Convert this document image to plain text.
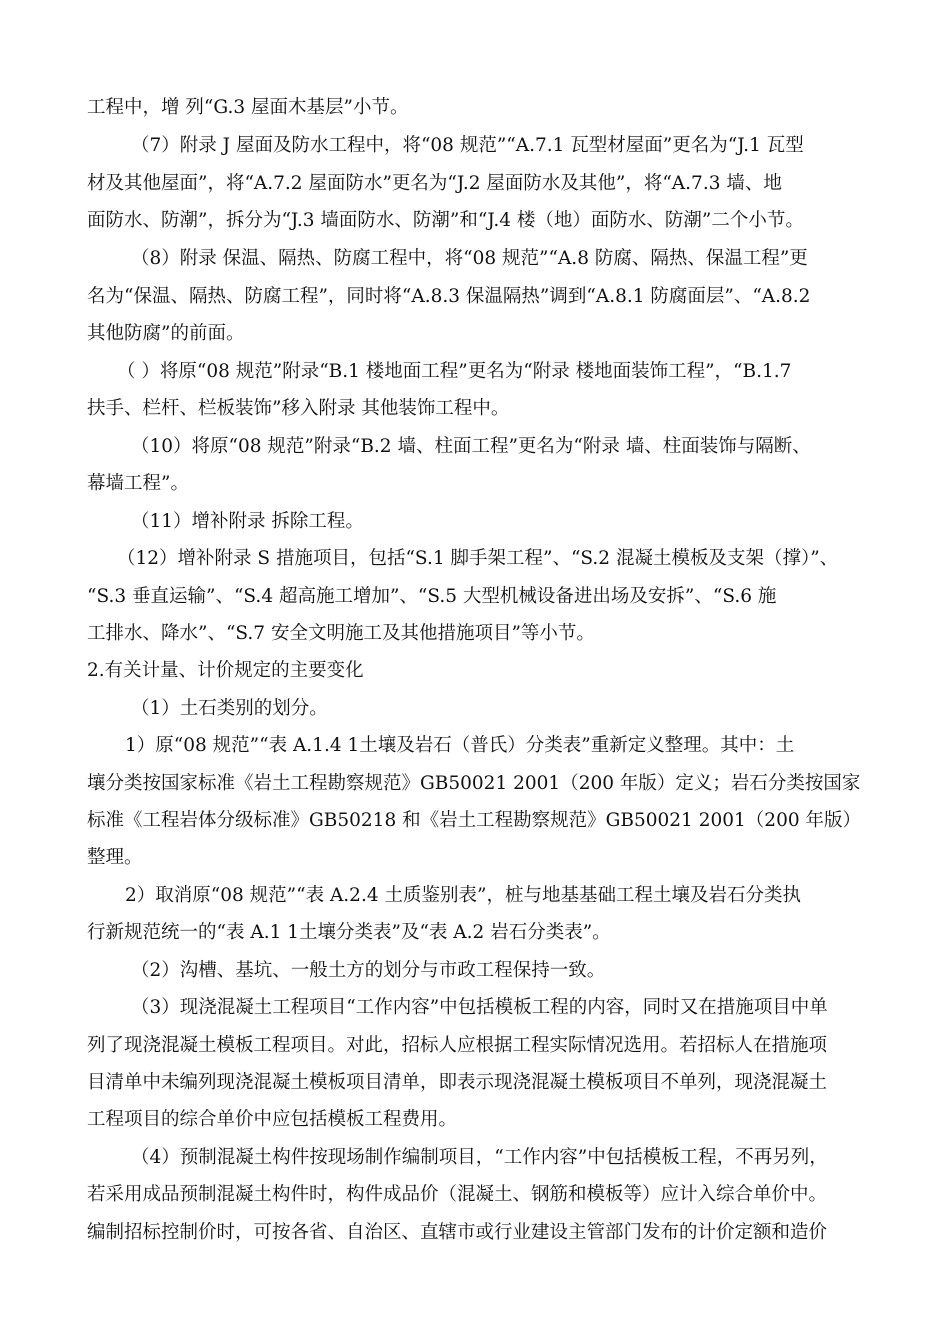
工程中，增 列“G.3 屋面木基层”小节。
（7）附录 J 屋面及防水工程中，将“08 规范”“A.7.1 瓦型材屋面”更名为“J.1 瓦型
材及其他屋面”，将“A.7.2 屋面防水”更名为“J.2 屋面防水及其他”，将“A.7.3 墙、地
面防水、防潮”，拆分为“J.3 墙面防水、防潮”和“J.4 楼（地）面防水、防潮”二个小节。
（8）附录 保温、隔热、防腐工程中，将“08 规范”“A.8 防腐、隔热、保温工程”更
名为“保温、隔热、防腐工程”，同时将“A.8.3 保温隔热”调到“A.8.1 防腐面层”、“A.8.2
其他防腐”的前面。
（ ）将原“08 规范”附录“B.1 楼地面工程”更名为“附录 楼地面装饰工程”，“B.1.7
扶手、栏杆、栏板装饰”移入附录 其他装饰工程中。
（10）将原“08 规范”附录“B.2 墙、柱面工程”更名为“附录 墙、柱面装饰与隔断、
幕墙工程”。
（11）增补附录 拆除工程。
（12）增补附录 S 措施项目，包括“S.1 脚手架工程”、“S.2 混凝土模板及支架（撑）”、
“S.3 垂直运输”、“S.4 超高施工增加”、“S.5 大型机械设备进出场及安拆”、“S.6 施
工排水、降水”、“S.7 安全文明施工及其他措施项目”等小节。
2.有关计量、计价规定的主要变化
（1）土石类别的划分。
1）原“08 规范”“表 A.1.4 1土壤及岩石（普氏）分类表”重新定义整理。其中：土
壤分类按国家标准《岩土工程勘察规范》GB50021 2001（200 年版）定义；岩石分类按国家
标准《工程岩体分级标准》GB50218 和《岩土工程勘察规范》GB50021 2001（200 年版）
整理。
2）取消原“08 规范”“表 A.2.4 土质鉴别表”，桩与地基基础工程土壤及岩石分类执
行新规范统一的“表 A.1 1土壤分类表”及“表 A.2 岩石分类表”。
（2）沟槽、基坑、一般土方的划分与市政工程保持一致。
（3）现浇混凝土工程项目“工作内容”中包括模板工程的内容，同时又在措施项目中单
列了现浇混凝土模板工程项目。对此，招标人应根据工程实际情况选用。若招标人在措施项
目清单中未编列现浇混凝土模板项目清单，即表示现浇混凝土模板项目不单列，现浇混凝土
工程项目的综合单价中应包括模板工程费用。
（4）预制混凝土构件按现场制作编制项目，“工作内容”中包括模板工程，不再另列，
若采用成品预制混凝土构件时，构件成品价（混凝土、钢筋和模板等）应计入综合单价中。
编制招标控制价时，可按各省、自治区、直辖市或行业建设主管部门发布的计价定额和造价
